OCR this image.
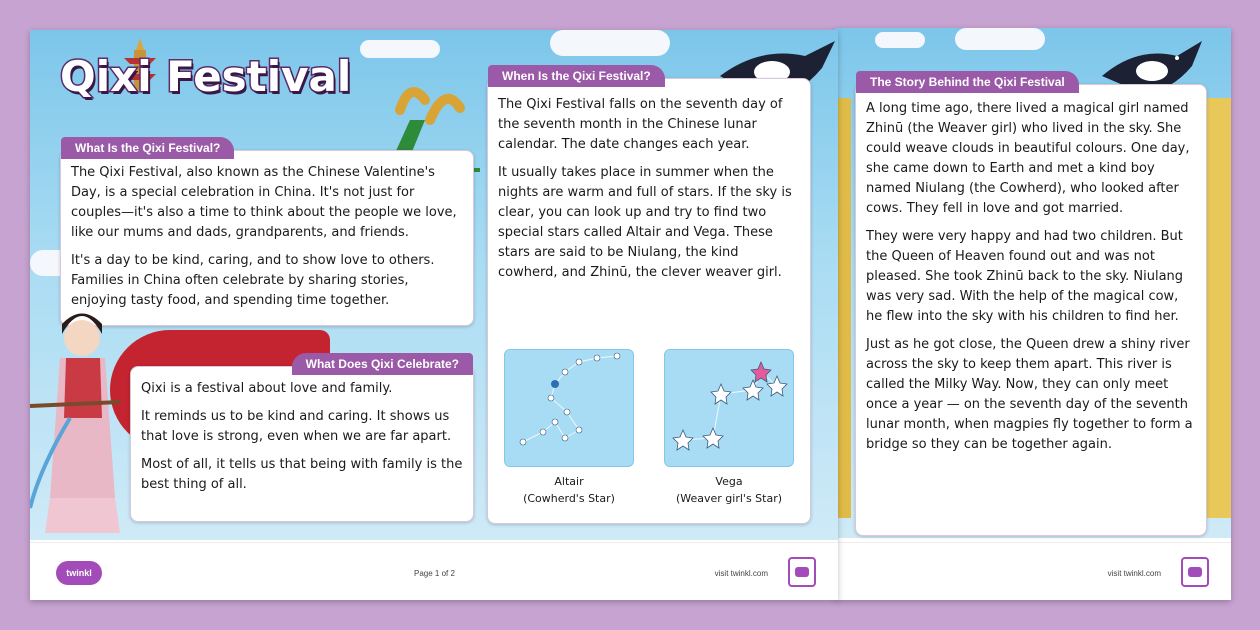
The Story Behind the Qixi Festival

A long time ago, there lived a magical girl named Zhinū (the Weaver girl) who lived in the sky. She could weave clouds in beautiful colours. One day, she came down to Earth and met a kind boy named Niulang (the Cowherd), who looked after cows. They fell in love and got married.

They were very happy and had two children. But the Queen of Heaven found out and was not pleased. She took Zhinū back to the sky. Niulang was very sad. With the help of the magical cow, he flew into the sky with his children to find her.

Just as he got close, the Queen drew a shiny river across the sky to keep them apart. This river is called the Milky Way. Now, they can only meet once a year — on the seventh day of the seventh lunar month, when magpies fly together to form a bridge so they can be together again.

visit twinkl.com
Qixi Festival
What Is the Qixi Festival?

The Qixi Festival, also known as the Chinese Valentine's Day, is a special celebration in China. It's not just for couples—it's also a time to think about the people we love, like our mums and dads, grandparents, and friends.

It's a day to be kind, caring, and to show love to others. Families in China often celebrate by sharing stories, enjoying tasty food, and spending time together.

What Does Qixi Celebrate?

Qixi is a festival about love and family.

It reminds us to be kind and caring. It shows us that love is strong, even when we are far apart.

Most of all, it tells us that being with family is the best thing of all.

When Is the Qixi Festival?

The Qixi Festival falls on the seventh day of the seventh month in the Chinese lunar calendar. The date changes each year.

It usually takes place in summer when the nights are warm and full of stars. If the sky is clear, you can look up and try to find two special stars called Altair and Vega. These stars are said to be Niulang, the kind cowherd, and Zhinū, the clever weaver girl.

Altair
(Cowherd's Star)
Vega
(Weaver girl's Star)
twinkl	Page 1 of 2	visit twinkl.com
